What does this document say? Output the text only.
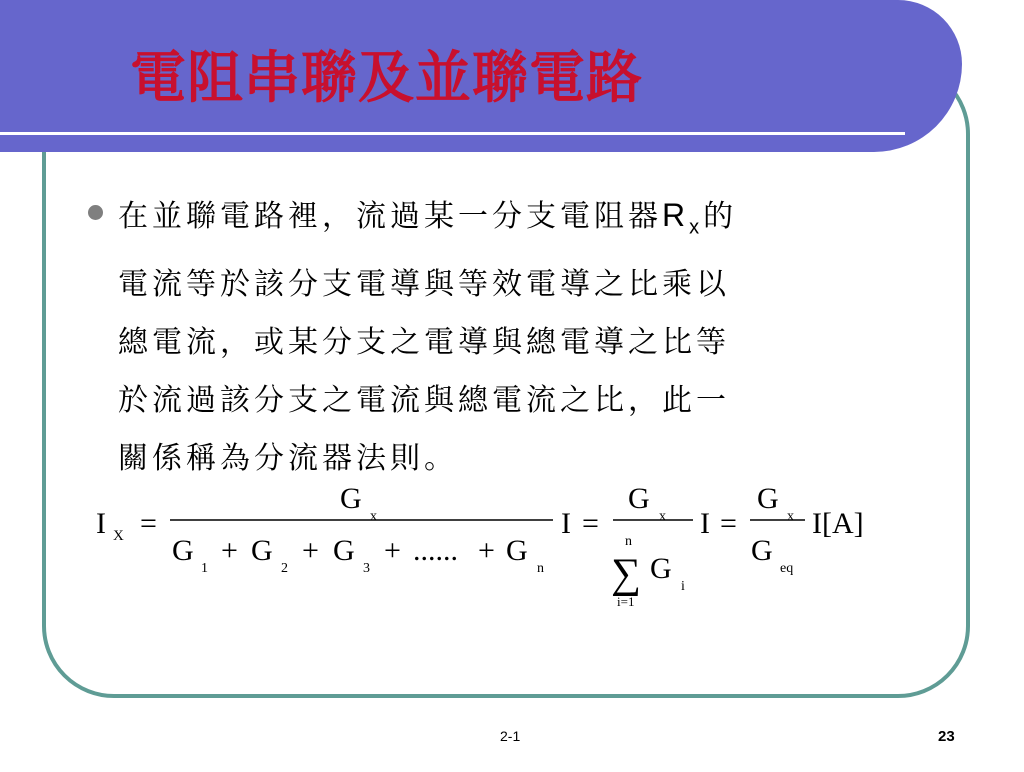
電阻串聯及並聯電路

在並聯電路裡，流過某一分支電阻器$R_x$的

電流等於該分支電導與等效電導之比乘以

總電流，或某分支之電導與總電導之比等

於流過該分支之電流與總電流之比，此一

關係稱為分流器法則。

I X =
G
x
G
1
+ G
2
+ G
3
+ ...... + G
n
I =
G
x
n
∑ G
i
i=1
I =
G
x
G
eq
I[A]
2-1	23
